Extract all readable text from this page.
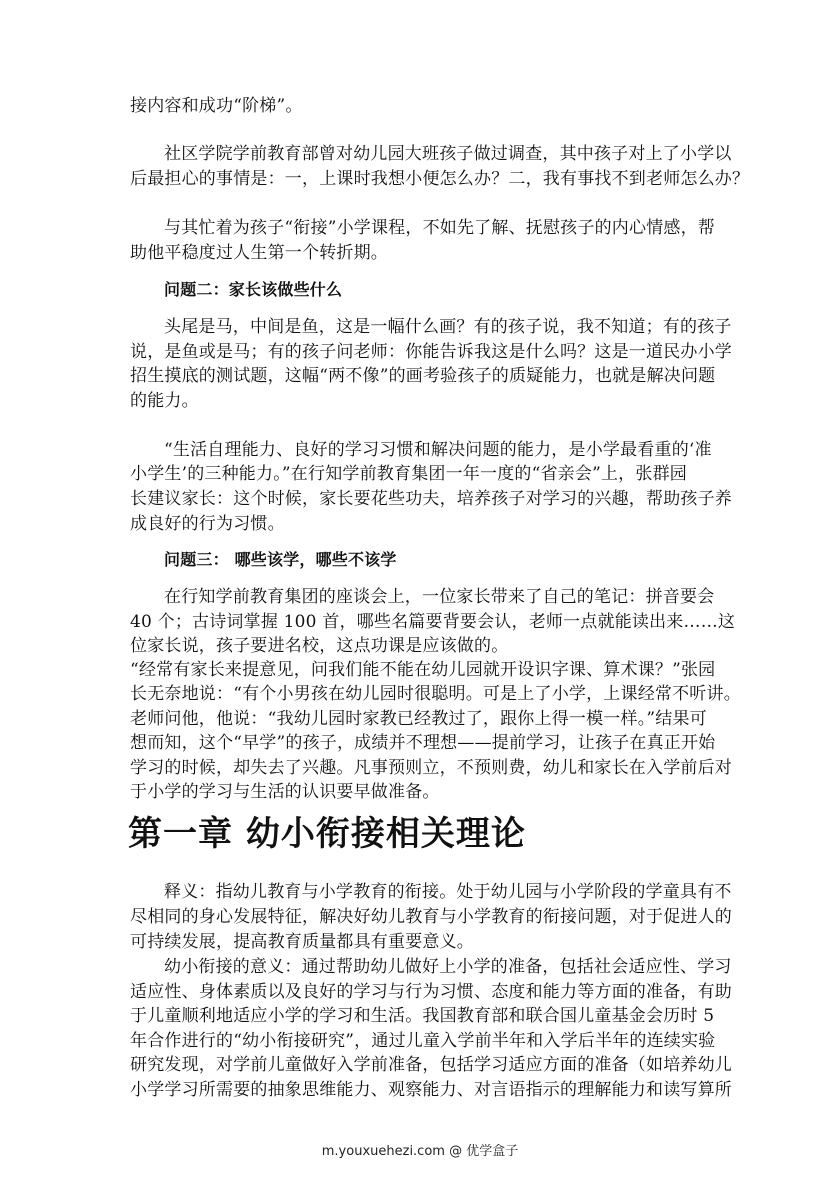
接内容和成功“阶梯”。
社区学院学前教育部曾对幼儿园大班孩子做过调查，其中孩子对上了小学以
后最担心的事情是：一，上课时我想小便怎么办？二，我有事找不到老师怎么办？
与其忙着为孩子“衔接”小学课程，不如先了解、抚慰孩子的内心情感，帮
助他平稳度过人生第一个转折期。
问题二：家长该做些什么
头尾是马，中间是鱼，这是一幅什么画？有的孩子说，我不知道；有的孩子
说，是鱼或是马；有的孩子问老师：你能告诉我这是什么吗？这是一道民办小学
招生摸底的测试题，这幅“两不像”的画考验孩子的质疑能力，也就是解决问题
的能力。
“生活自理能力、良好的学习习惯和解决问题的能力，是小学最看重的‘准
小学生’的三种能力。”在行知学前教育集团一年一度的“省亲会”上，张群园
长建议家长：这个时候，家长要花些功夫，培养孩子对学习的兴趣，帮助孩子养
成良好的行为习惯。
问题三： 哪些该学，哪些不该学
在行知学前教育集团的座谈会上，一位家长带来了自己的笔记：拼音要会
40 个；古诗词掌握 100 首，哪些名篇要背要会认，老师一点就能读出来……这
位家长说，孩子要进名校，这点功课是应该做的。
“经常有家长来提意见，问我们能不能在幼儿园就开设识字课、算术课？”张园
长无奈地说：“有个小男孩在幼儿园时很聪明。可是上了小学，上课经常不听讲。
老师问他，他说：“我幼儿园时家教已经教过了，跟你上得一模一样。”结果可
想而知，这个“早学”的孩子，成绩并不理想——提前学习，让孩子在真正开始
学习的时候，却失去了兴趣。凡事预则立，不预则费，幼儿和家长在入学前后对
于小学的学习与生活的认识要早做准备。
第一章 幼小衔接相关理论
释义：指幼儿教育与小学教育的衔接。处于幼儿园与小学阶段的学童具有不
尽相同的身心发展特征，解决好幼儿教育与小学教育的衔接问题，对于促进人的
可持续发展，提高教育质量都具有重要意义。
幼小衔接的意义：通过帮助幼儿做好上小学的准备，包括社会适应性、学习
适应性、身体素质以及良好的学习与行为习惯、态度和能力等方面的准备，有助
于儿童顺利地适应小学的学习和生活。我国教育部和联合国儿童基金会历时 5
年合作进行的“幼小衔接研究”，通过儿童入学前半年和入学后半年的连续实验
研究发现，对学前儿童做好入学前准备，包括学习适应方面的准备（如培养幼儿
小学学习所需要的抽象思维能力、观察能力、对言语指示的理解能力和读写算所
m.youxuehezi.com @ 优学盒子
